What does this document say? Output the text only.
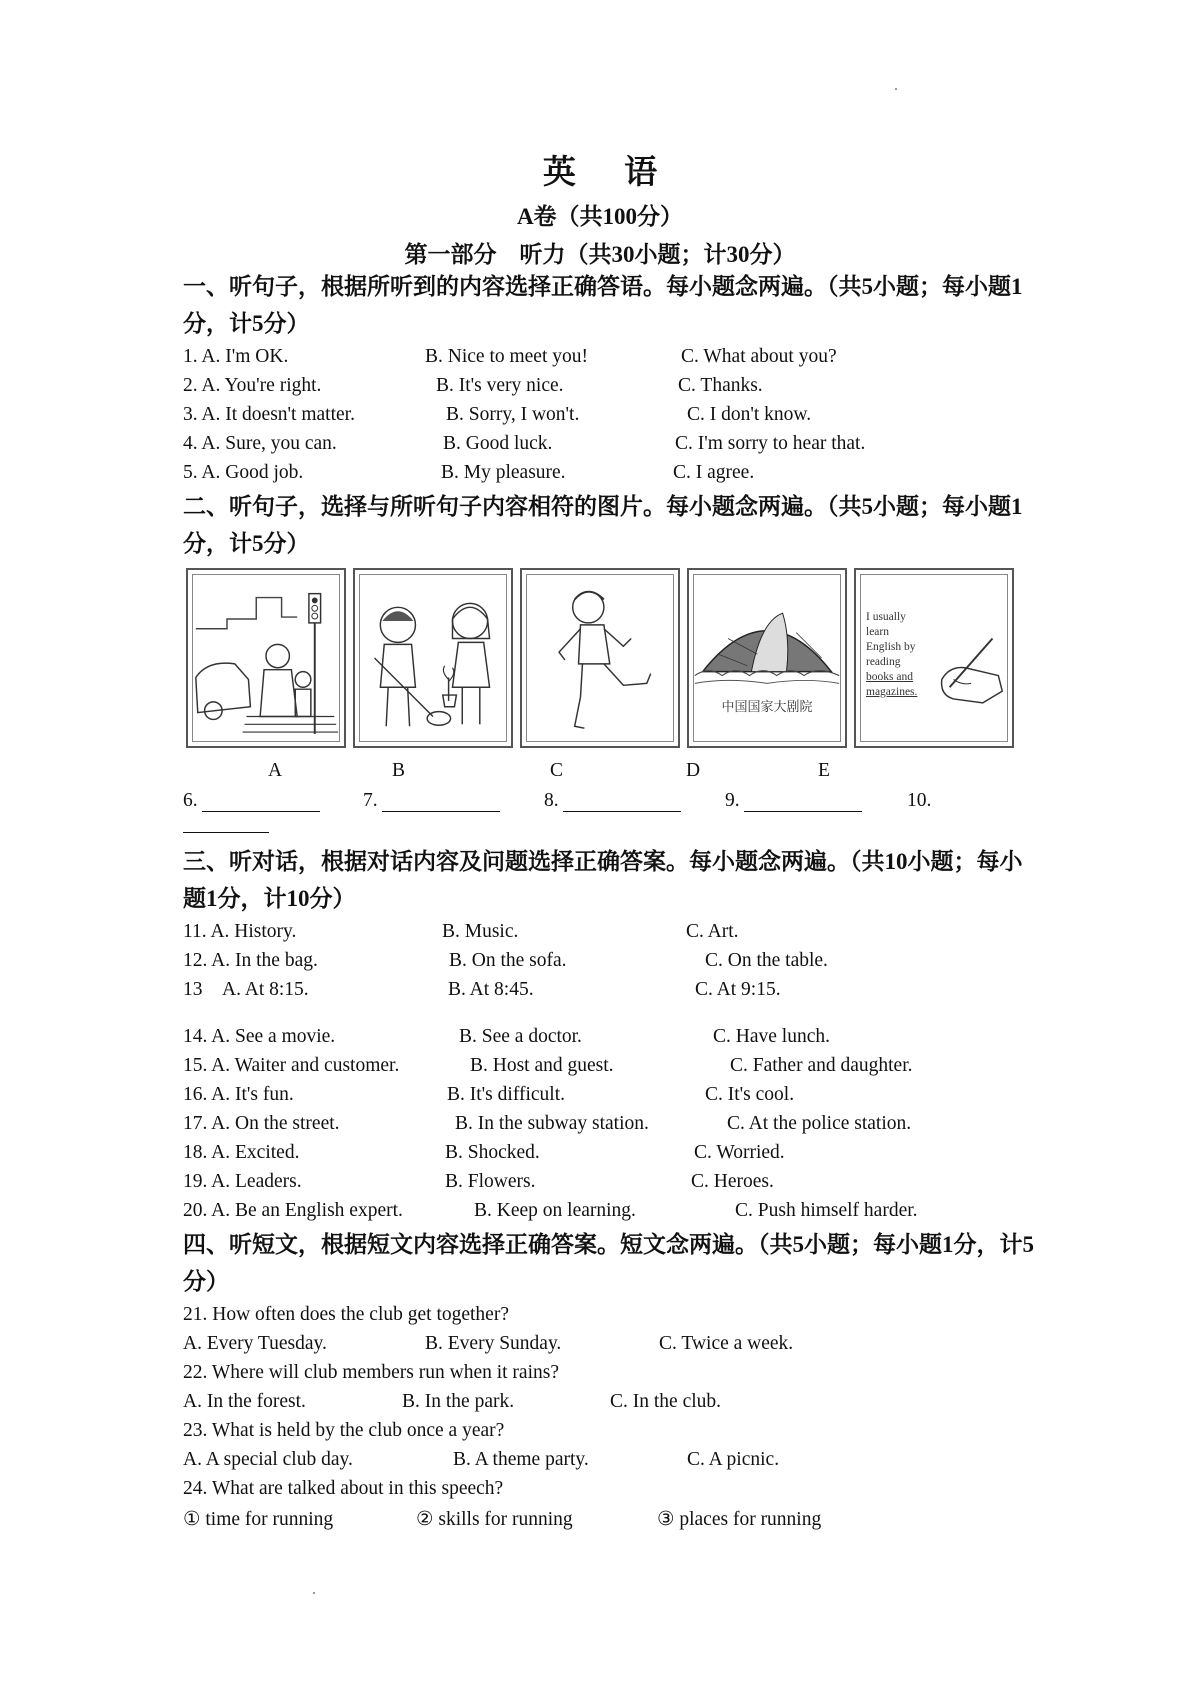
英 语
A卷（共100分）
第一部分　听力（共30小题；计30分）
一、听句子，根据所听到的内容选择正确答语。每小题念两遍。（共5小题；每小题1分，计5分）
1. A. I'm OK.	B. Nice to meet you!	C. What about you?
2. A. You're right.	B. It's very nice.	C. Thanks.
3. A. It doesn't matter.	B. Sorry, I won't.	C. I don't know.
4. A. Sure, you can.	B. Good luck.	C. I'm sorry to hear that.
5. A. Good job.	B. My pleasure.	C. I agree.
二、听句子，选择与所听句子内容相符的图片。每小题念两遍。（共5小题；每小题1分，计5分）
中国国家大剧院
I usually
learn
English by
reading
books and
magazines.
A	B	C	D	E
6.	7.	8.	9.	10.
三、听对话，根据对话内容及问题选择正确答案。每小题念两遍。（共10小题；每小题1分，计10分）
11. A. History.	B. Music.	C. Art.
12. A. In the bag.	B. On the sofa.	C. On the table.
13　A. At 8:15.	B. At 8:45.	C. At 9:15.
14. A. See a movie.	B. See a doctor.	C. Have lunch.
15. A. Waiter and customer.	B. Host and guest.	C. Father and daughter.
16. A. It's fun.	B. It's difficult.	C. It's cool.
17. A. On the street.	B. In the subway station.	C. At the police station.
18. A. Excited.	B. Shocked.	C. Worried.
19. A. Leaders.	B. Flowers.	C. Heroes.
20. A. Be an English expert.	B. Keep on learning.	C. Push himself harder.
四、听短文，根据短文内容选择正确答案。短文念两遍。（共5小题；每小题1分，计5分）
21. How often does the club get together?
A. Every Tuesday.	B. Every Sunday.	C. Twice a week.
22. Where will club members run when it rains?
A. In the forest.	B. In the park.	C. In the club.
23. What is held by the club once a year?
A. A special club day.	B. A theme party.	C. A picnic.
24. What are talked about in this speech?
① time for running	② skills for running	③ places for running
